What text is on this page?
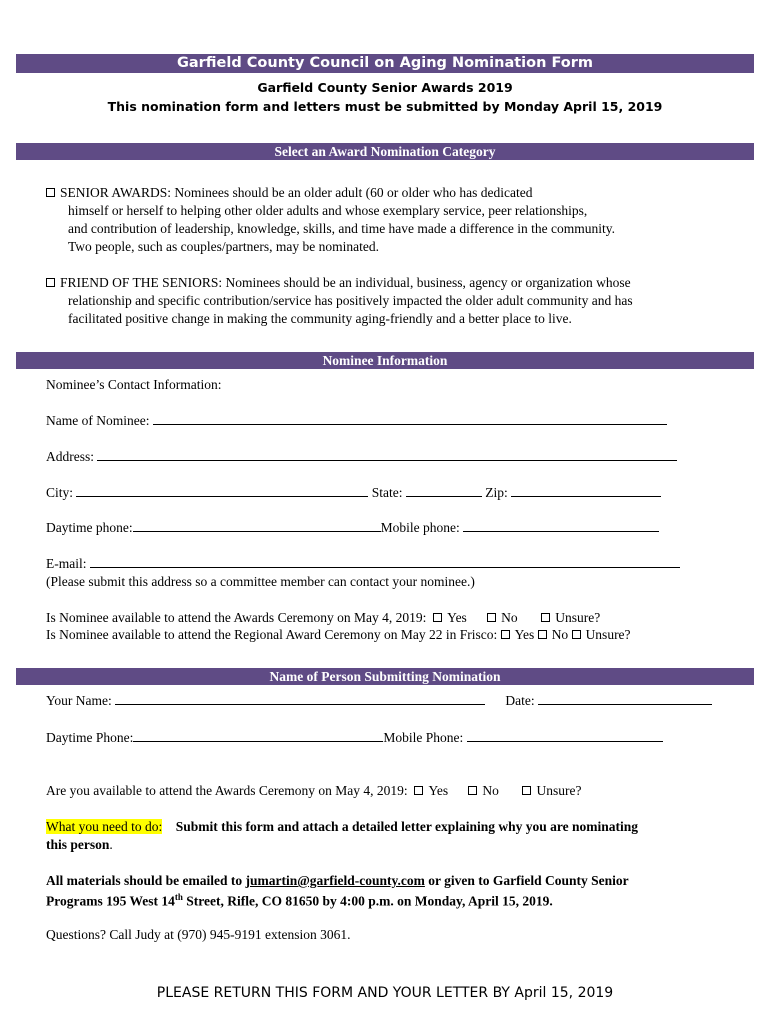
Garfield County Council on Aging Nomination Form
Garfield County Senior Awards 2019
This nomination form and letters must be submitted by Monday April 15, 2019
Select an Award Nomination Category
SENIOR AWARDS: Nominees should be an older adult (60 or older who has dedicated
himself or herself to helping other older adults and whose exemplary service, peer relationships,
and contribution of leadership, knowledge, skills, and time have made a difference in the community.
Two people, such as couples/partners, may be nominated.
FRIEND OF THE SENIORS: Nominees should be an individual, business, agency or organization whose
relationship and specific contribution/service has positively impacted the older adult community and has
facilitated positive change in making the community aging-friendly and a better place to live.
Nominee Information
Nominee’s Contact Information:
Name of Nominee:
Address:
City:	State:	Zip:
Daytime phone:	Mobile phone:
E-mail:
(Please submit this address so a committee member can contact your nominee.)
Is Nominee available to attend the Awards Ceremony on May 4, 2019: Yes	No	Unsure?
Is Nominee available to attend the Regional Award Ceremony on May 22 in Frisco: Yes No Unsure?
Name of Person Submitting Nomination
Your Name:	Date:
Daytime Phone:	Mobile Phone:
Are you available to attend the Awards Ceremony on May 4, 2019: Yes	No	Unsure?
What you need to do: Submit this form and attach a detailed letter explaining why you are nominating
this person.
All materials should be emailed to jumartin@garfield-county.com or given to Garfield County Senior
Programs 195 West 14th Street, Rifle, CO 81650 by 4:00 p.m. on Monday, April 15, 2019.
Questions? Call Judy at (970) 945-9191 extension 3061.
PLEASE RETURN THIS FORM AND YOUR LETTER BY April 15, 2019
